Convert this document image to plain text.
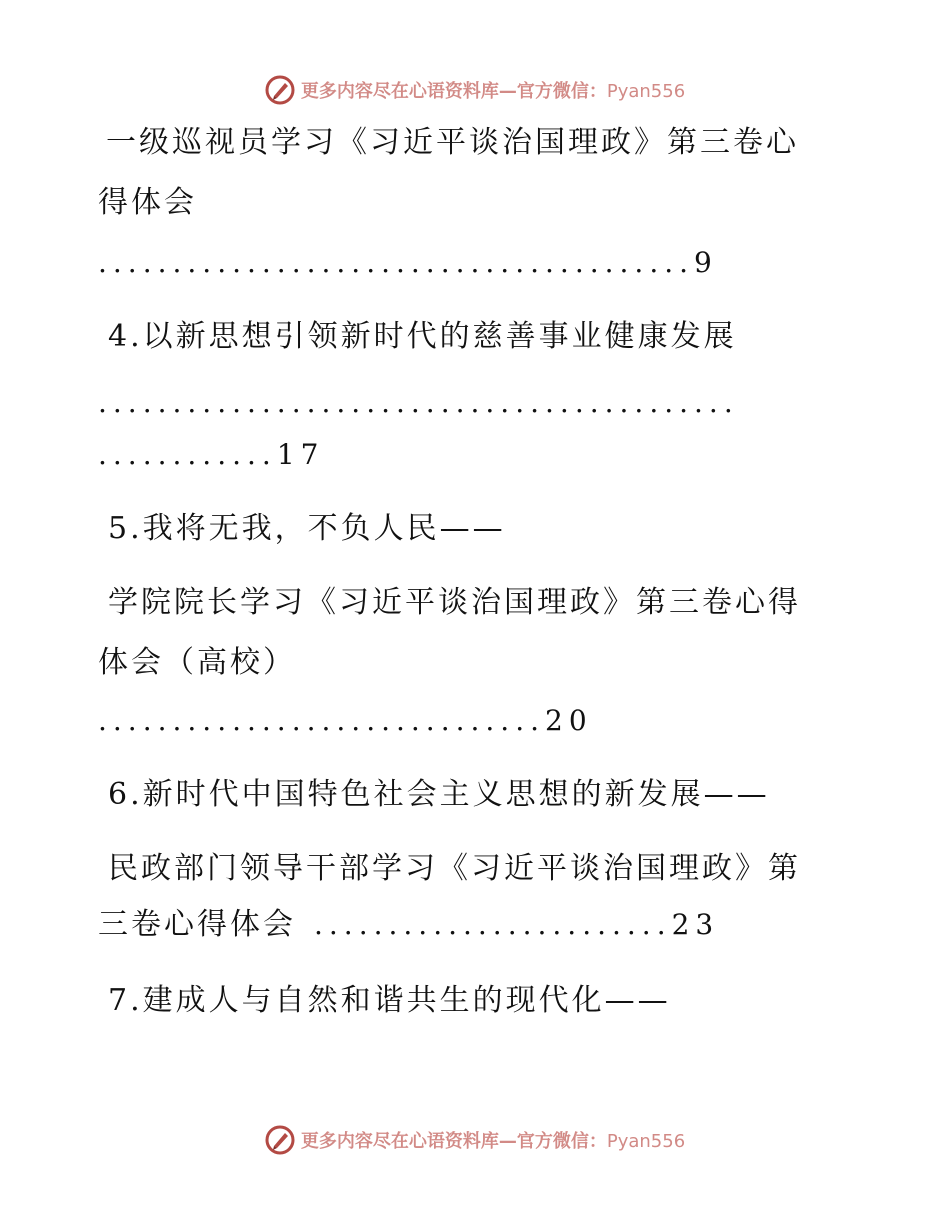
更多内容尽在心语资料库—官方微信：Pyan556
一级巡视员学习《习近平谈治国理政》第三卷心
得体会
........................................9
4.以新思想引领新时代的慈善事业健康发展
...........................................
............17
5.我将无我，不负人民——
学院院长学习《习近平谈治国理政》第三卷心得
体会（高校）
..............................20
6.新时代中国特色社会主义思想的新发展——
民政部门领导干部学习《习近平谈治国理政》第
三卷心得体会 ........................23
7.建成人与自然和谐共生的现代化——
更多内容尽在心语资料库—官方微信：Pyan556
